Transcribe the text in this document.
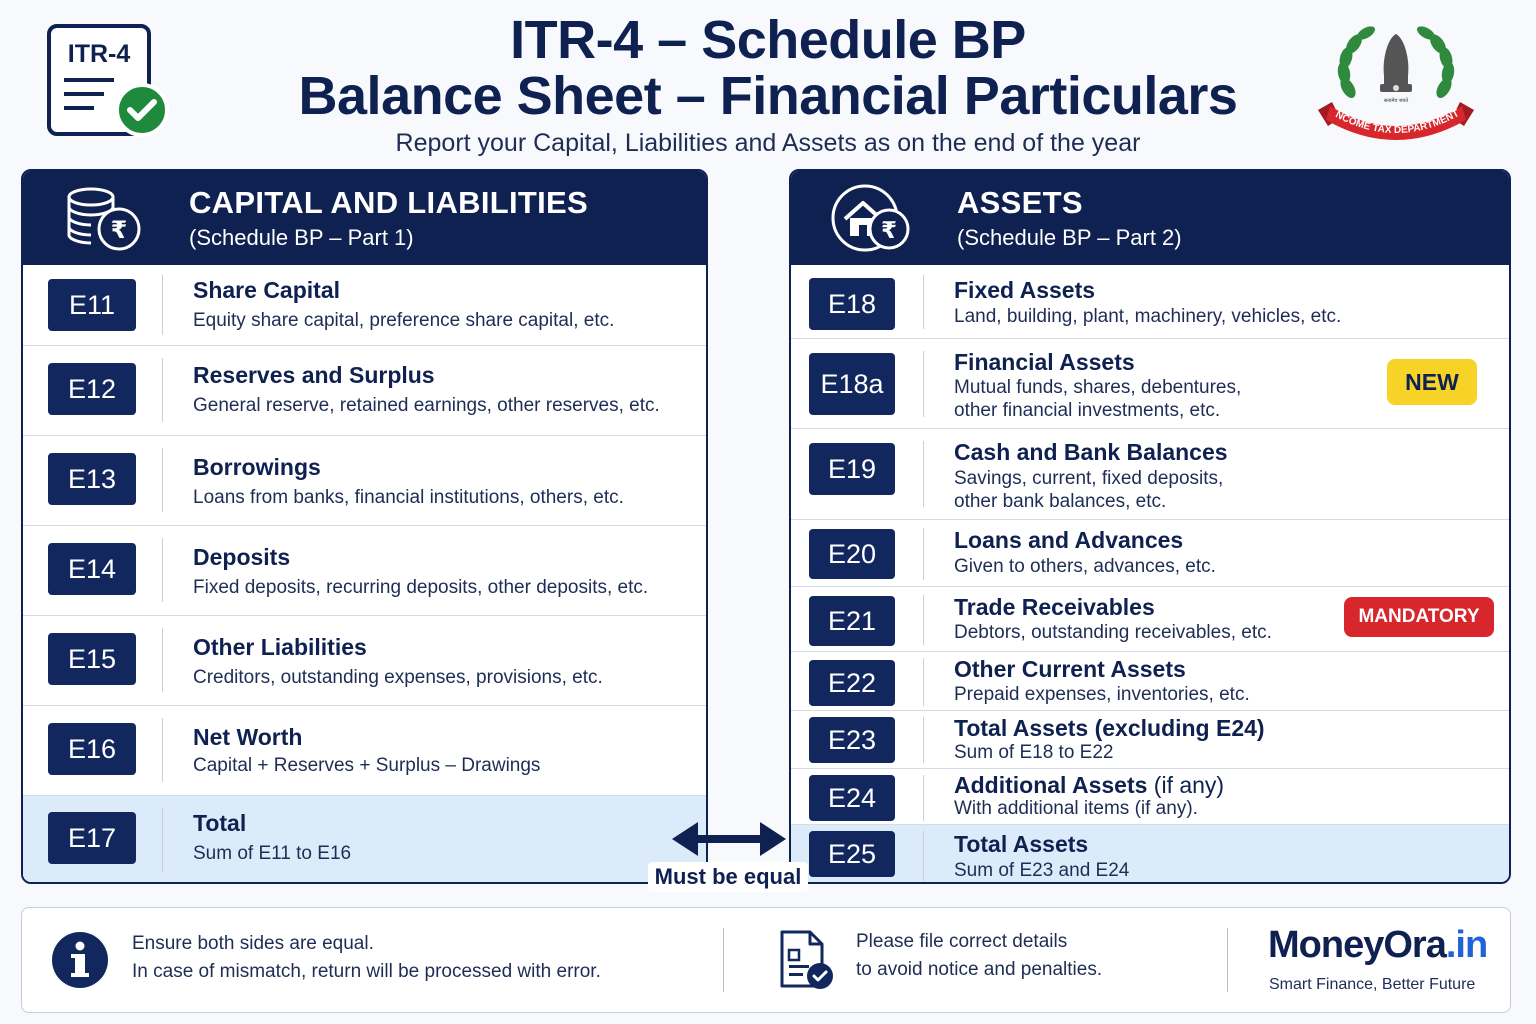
ITR-4	ITR-4 – Schedule BP
Balance Sheet – Financial Particulars
Report your Capital, Liabilities and Assets as on the end of the year
सत्यमेव जयते
NCOME TAX DEPARTMENT
₹
CAPITAL AND LIABILITIES
(Schedule BP – Part 1)
E11	Share Capital
Equity share capital, preference share capital, etc.
E12	Reserves and Surplus
General reserve, retained earnings, other reserves, etc.
E13	Borrowings
Loans from banks, financial institutions, others, etc.
E14	Deposits
Fixed deposits, recurring deposits, other deposits, etc.
E15	Other Liabilities
Creditors, outstanding expenses, provisions, etc.
E16	Net Worth
Capital + Reserves + Surplus – Drawings
E17	Total
Sum of E11 to E16
₹
ASSETS
(Schedule BP – Part 2)
E18	Fixed Assets
Land, building, plant, machinery, vehicles, etc.
E18a
Financial Assets
Mutual funds, shares, debentures,
other financial investments, etc.
NEW
E19
Cash and Bank Balances
Savings, current, fixed deposits,
other bank balances, etc.
E20	Loans and Advances
Given to others, advances, etc.
E21	Trade Receivables
Debtors, outstanding receivables, etc.
MANDATORY
E22	Other Current Assets
Prepaid expenses, inventories, etc.
E23	Total Assets (excluding E24)
Sum of E18 to E22
E24	Additional Assets (if any)
With additional items (if any).
E25	Total Assets
Sum of E23 and E24
Must be equal
Ensure both sides are equal.
In case of mismatch, return will be processed with error.
Please file correct details
to avoid notice and penalties.
MoneyOra.in
Smart Finance, Better Future
